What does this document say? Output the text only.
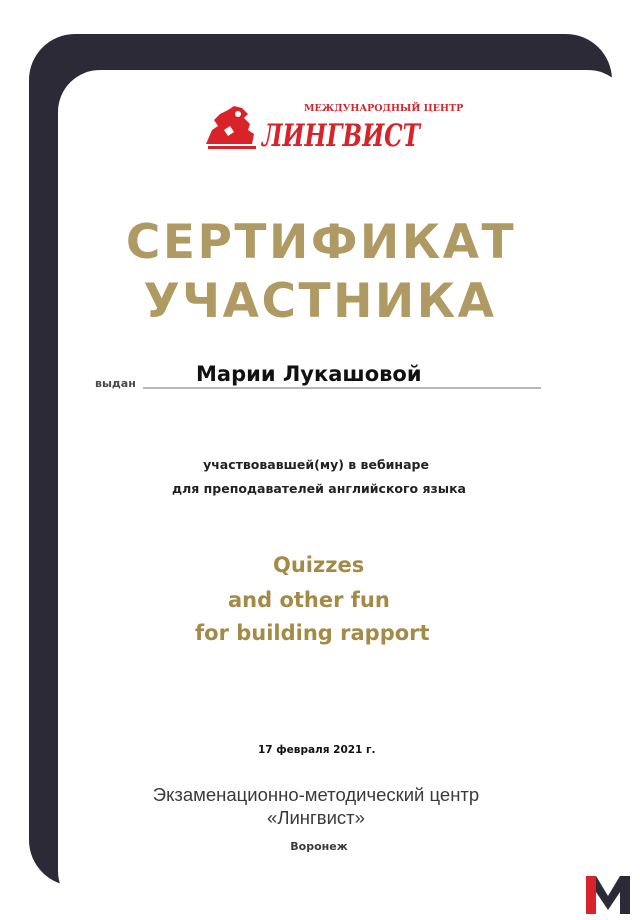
МЕЖДУНАРОДНЫЙ ЦЕНТР
ЛИНГВИСТ
СЕРТИФИКАТ
УЧАСТНИКА
выдан	Марии Лукашовой
участвовавшей(му) в вебинаре
для преподавателей английского языка
Quizzes
and other fun
for building rapport
17 февраля 2021 г.
Экзаменационно-методический центр
«Лингвист»
Воронеж
